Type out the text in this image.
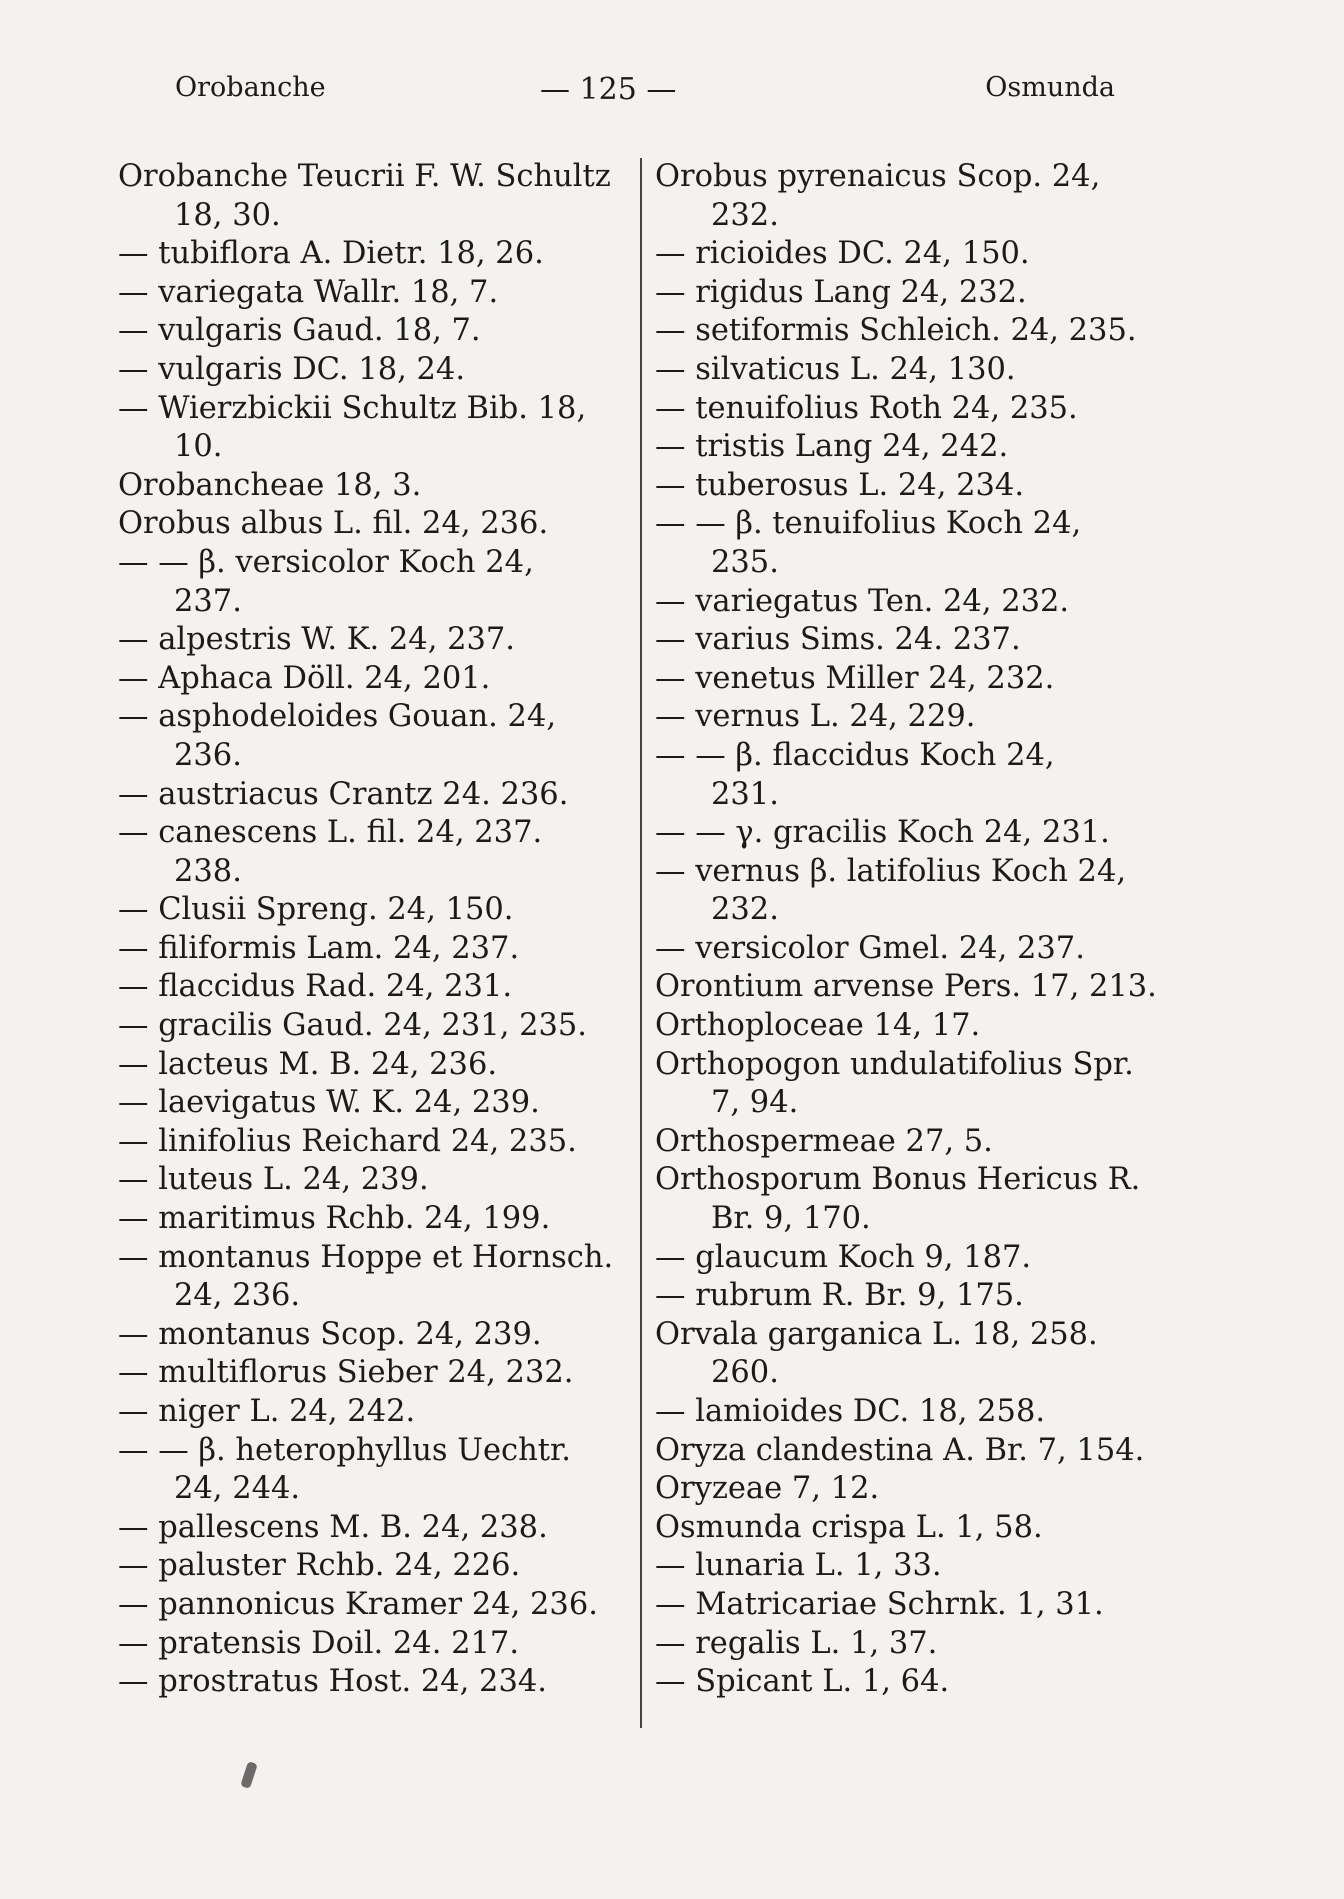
Orobanche	— 125 —	Osmunda
Orobanche Teucrii F. W. Schultz
18, 30.
— tubiflora A. Dietr. 18, 26.
— variegata Wallr. 18, 7.
— vulgaris Gaud. 18, 7.
— vulgaris DC. 18, 24.
— Wierzbickii Schultz Bib. 18,
10.
Orobancheae 18, 3.
Orobus albus L. fil. 24, 236.
— — β. versicolor Koch 24,
237.
— alpestris W. K. 24, 237.
— Aphaca Döll. 24, 201.
— asphodeloides Gouan. 24,
236.
— austriacus Crantz 24. 236.
— canescens L. fil. 24, 237.
238.
— Clusii Spreng. 24, 150.
— filiformis Lam. 24, 237.
— flaccidus Rad. 24, 231.
— gracilis Gaud. 24, 231, 235.
— lacteus M. B. 24, 236.
— laevigatus W. K. 24, 239.
— linifolius Reichard 24, 235.
— luteus L. 24, 239.
— maritimus Rchb. 24, 199.
— montanus Hoppe et Hornsch.
24, 236.
— montanus Scop. 24, 239.
— multiflorus Sieber 24, 232.
— niger L. 24, 242.
— — β. heterophyllus Uechtr.
24, 244.
— pallescens M. B. 24, 238.
— paluster Rchb. 24, 226.
— pannonicus Kramer 24, 236.
— pratensis Doil. 24. 217.
— prostratus Host. 24, 234.
Orobus pyrenaicus Scop. 24,
232.
— ricioides DC. 24, 150.
— rigidus Lang 24, 232.
— setiformis Schleich. 24, 235.
— silvaticus L. 24, 130.
— tenuifolius Roth 24, 235.
— tristis Lang 24, 242.
— tuberosus L. 24, 234.
— — β. tenuifolius Koch 24,
235.
— variegatus Ten. 24, 232.
— varius Sims. 24. 237.
— venetus Miller 24, 232.
— vernus L. 24, 229.
— — β. flaccidus Koch 24,
231.
— — γ. gracilis Koch 24, 231.
— vernus β. latifolius Koch 24,
232.
— versicolor Gmel. 24, 237.
Orontium arvense Pers. 17, 213.
Orthoploceae 14, 17.
Orthopogon undulatifolius Spr.
7, 94.
Orthospermeae 27, 5.
Orthosporum Bonus Hericus R.
Br. 9, 170.
— glaucum Koch 9, 187.
— rubrum R. Br. 9, 175.
Orvala garganica L. 18, 258.
260.
— lamioides DC. 18, 258.
Oryza clandestina A. Br. 7, 154.
Oryzeae 7, 12.
Osmunda crispa L. 1, 58.
— lunaria L. 1, 33.
— Matricariae Schrnk. 1, 31.
— regalis L. 1, 37.
— Spicant L. 1, 64.
